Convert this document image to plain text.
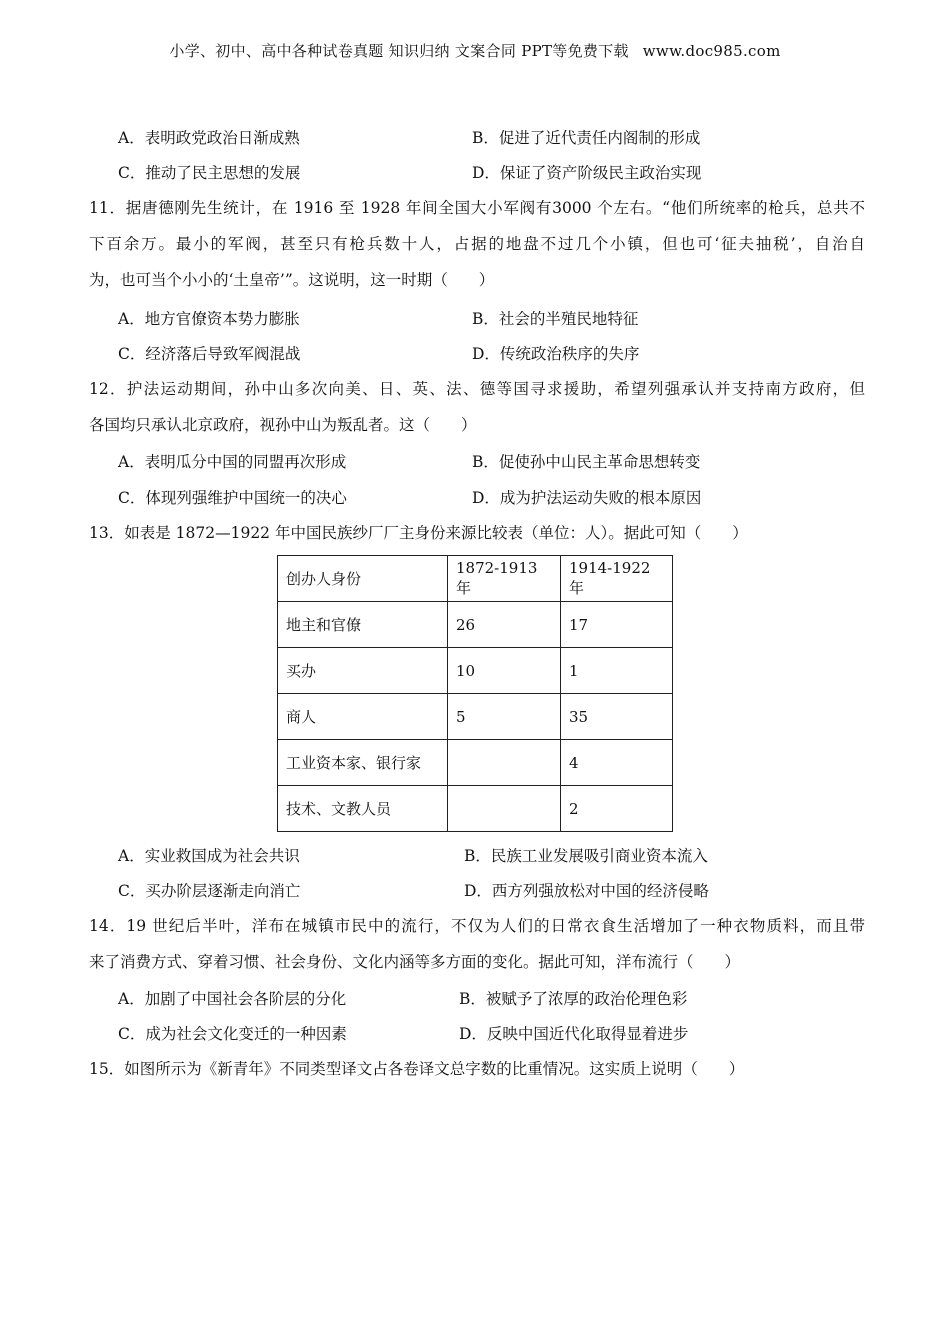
小学、初中、高中各种试卷真题 知识归纳 文案合同 PPT等免费下载 www.doc985.com
A．表明政党政治日渐成熟	B．促进了近代责任内阁制的形成
C．推动了民主思想的发展	D．保证了资产阶级民主政治实现
11．据唐德刚先生统计，在 1916 至 1928 年间全国大小军阀有3000 个左右。“他们所统率的枪兵，总共不
下百余万。最小的军阀，甚至只有枪兵数十人，占据的地盘不过几个小镇，但也可‘征夫抽税’，自治自
为，也可当个小小的‘土皇帝’”。这说明，这一时期（　　）
A．地方官僚资本势力膨胀	B．社会的半殖民地特征
C．经济落后导致军阀混战	D．传统政治秩序的失序
12．护法运动期间，孙中山多次向美、日、英、法、德等国寻求援助，希望列强承认并支持南方政府，但
各国均只承认北京政府，视孙中山为叛乱者。这（　　）
A．表明瓜分中国的同盟再次形成	B．促使孙中山民主革命思想转变
C．体现列强维护中国统一的决心	D．成为护法运动失败的根本原因
13．如表是 1872—1922 年中国民族纱厂厂主身份来源比较表（单位：人）。据此可知（　　）
创办人身份	1872-1913 年	1914-1922 年
地主和官僚	26	17
买办	10	1
商人	5	35
工业资本家、银行家		4
技术、文教人员		2
A．实业救国成为社会共识	B．民族工业发展吸引商业资本流入
C．买办阶层逐渐走向消亡	D．西方列强放松对中国的经济侵略
14．19 世纪后半叶，洋布在城镇市民中的流行，不仅为人们的日常衣食生活增加了一种衣物质料，而且带
来了消费方式、穿着习惯、社会身份、文化内涵等多方面的变化。据此可知，洋布流行（　　）
A．加剧了中国社会各阶层的分化	B．被赋予了浓厚的政治伦理色彩
C．成为社会文化变迁的一种因素	D．反映中国近代化取得显着进步
15．如图所示为《新青年》不同类型译文占各卷译文总字数的比重情况。这实质上说明（　　）
